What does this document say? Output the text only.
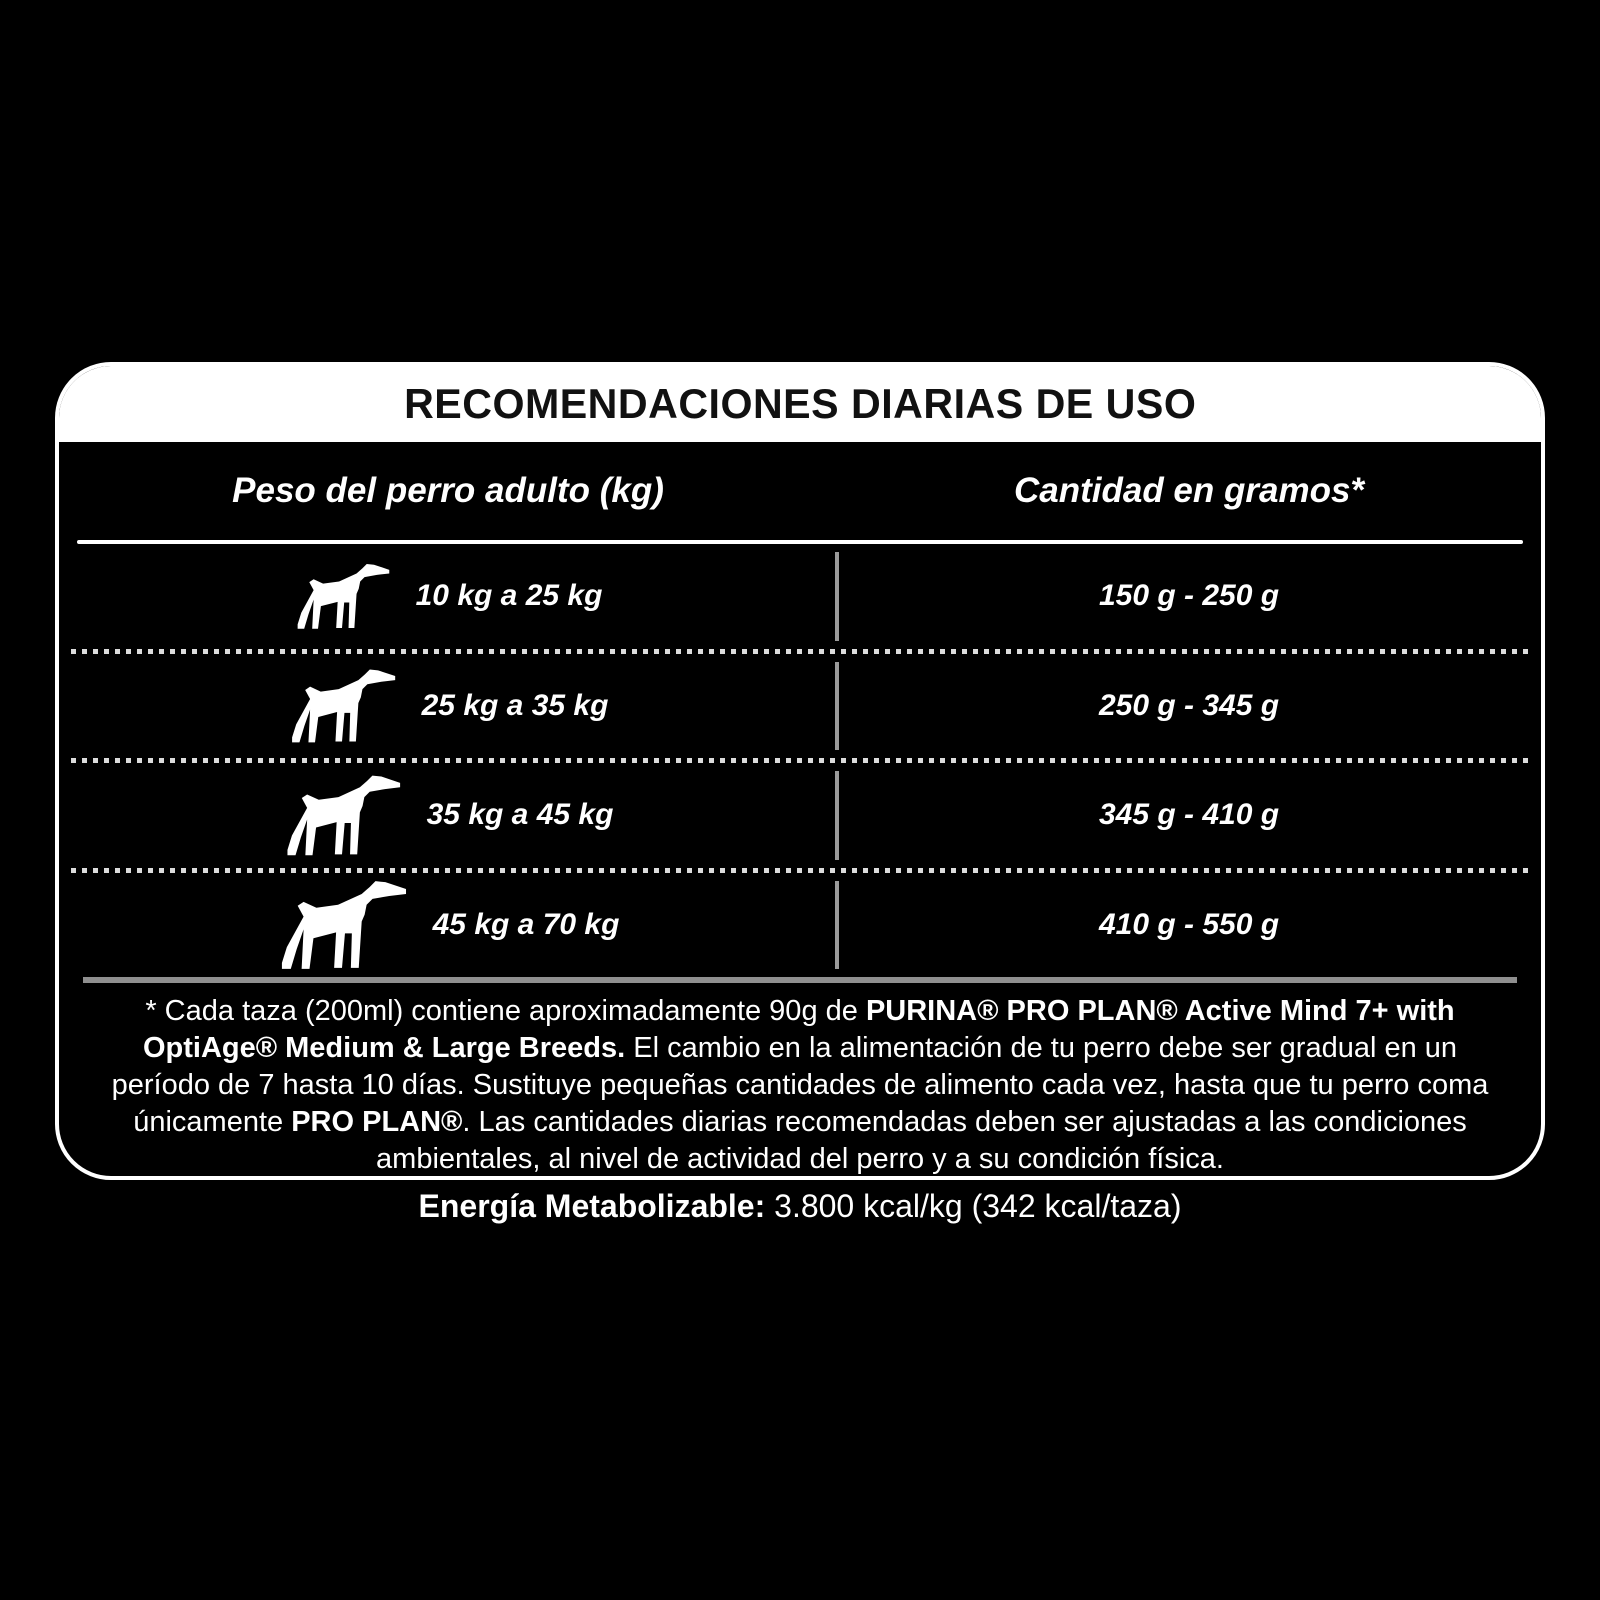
RECOMENDACIONES DIARIAS DE USO
Peso del perro adulto (kg)	Cantidad en gramos*
10 kg a 25 kg	150 g - 250 g
25 kg a 35 kg	250 g - 345 g
35 kg a 45 kg	345 g - 410 g
45 kg a 70 kg	410 g - 550 g
* Cada taza (200ml) contiene aproximadamente 90g de PURINA® PRO PLAN® Active Mind 7+ with OptiAge® Medium & Large Breeds. El cambio en la alimentación de tu perro debe ser gradual en un período de 7 hasta 10 días. Sustituye pequeñas cantidades de alimento cada vez, hasta que tu perro coma únicamente PRO PLAN®. Las cantidades diarias recomendadas deben ser ajustadas a las condiciones ambientales, al nivel de actividad del perro y a su condición física.
Energía Metabolizable: 3.800 kcal/kg (342 kcal/taza)
